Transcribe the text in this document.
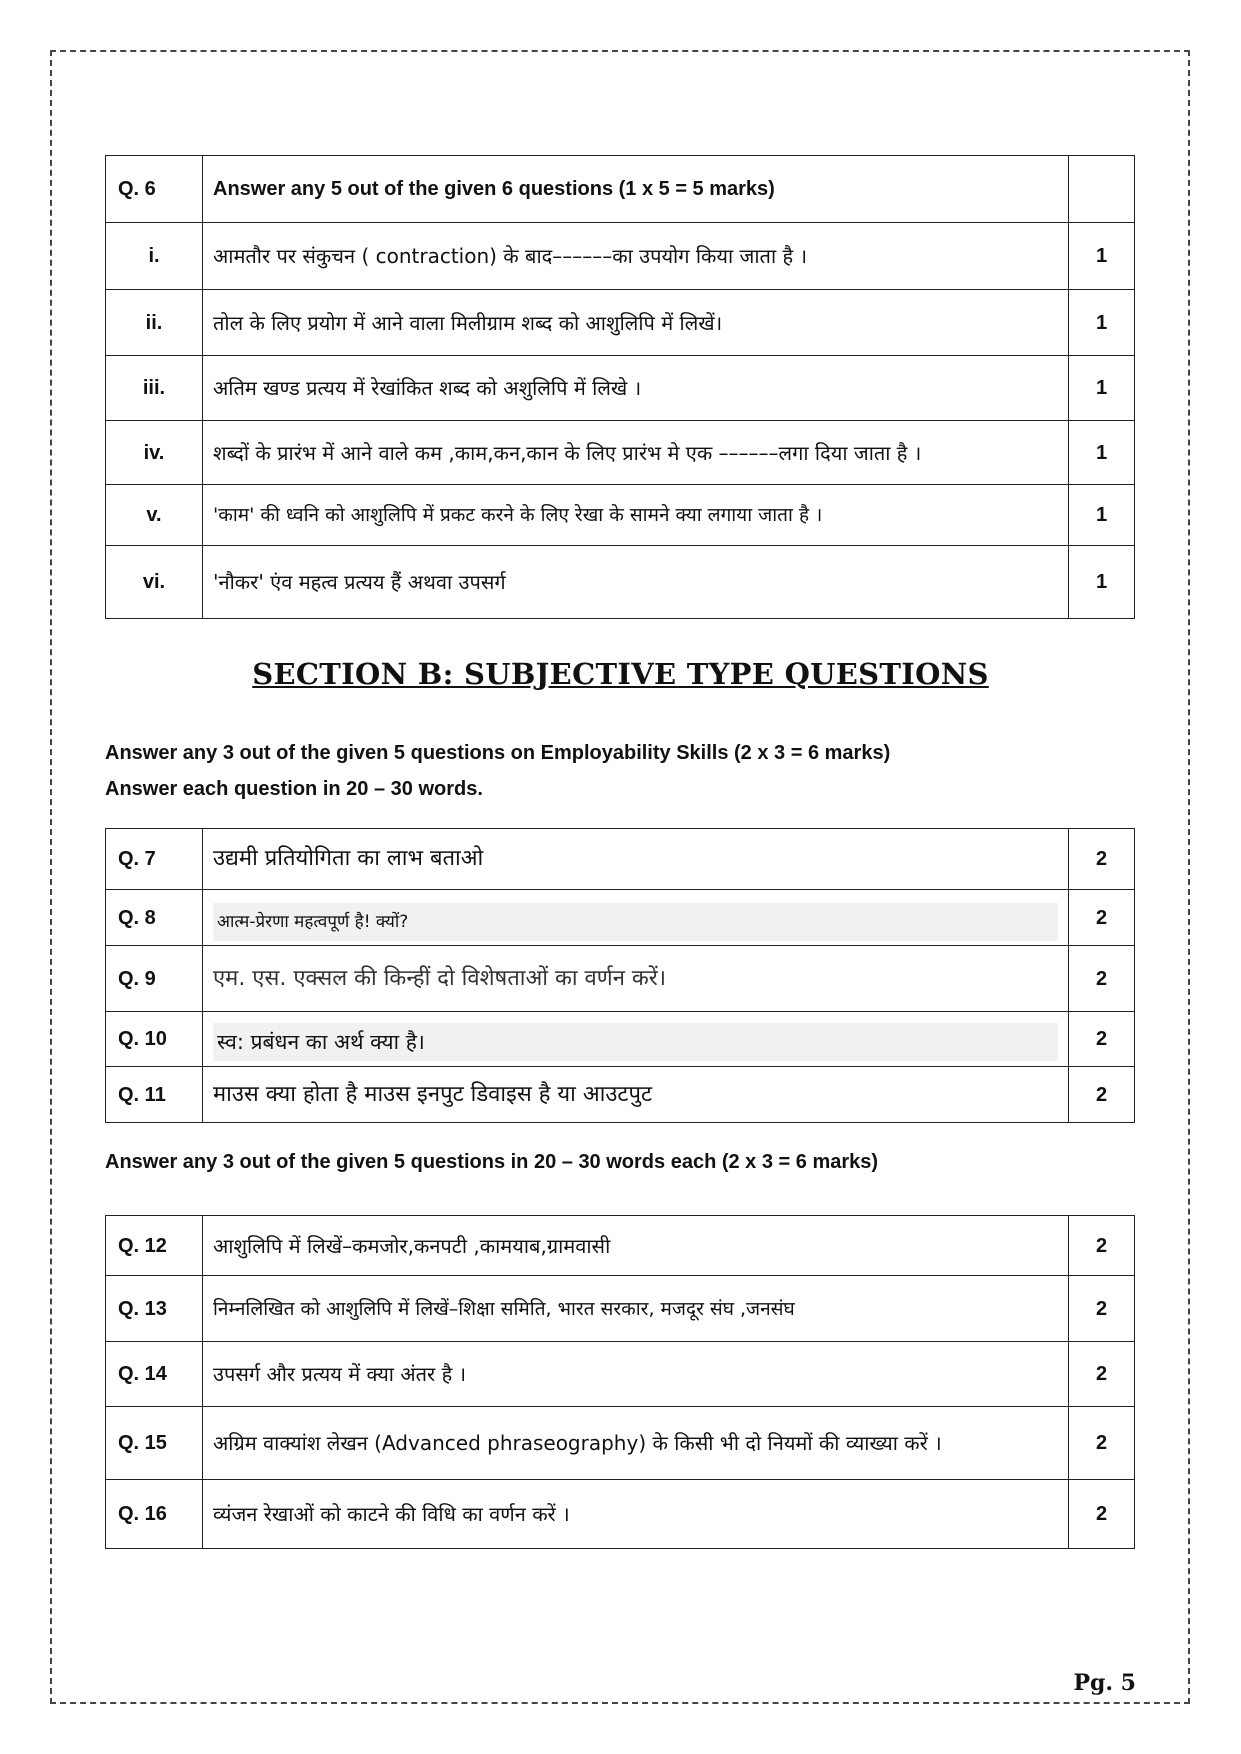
Q. 6	Answer any 5 out of the given 6 questions (1 x 5 = 5 marks)	
i.	आमतौर पर संकुचन ( contraction) के बाद––––––का उपयोग किया जाता है ।	1
ii.	तोल के लिए प्रयोग में आने वाला मिलीग्राम शब्द को आशुलिपि में लिखें।	1
iii.	अतिम खण्ड प्रत्यय में रेखांकित शब्द को अशुलिपि में लिखे ।	1
iv.	शब्दों के प्रारंभ में आने वाले कम ,काम,कन,कान के लिए प्रारंभ मे एक ––––––लगा दिया जाता है ।	1
v.	'काम' की ध्वनि को आशुलिपि में प्रकट करने के लिए रेखा के सामने क्या लगाया जाता है ।	1
vi.	'नौकर' एंव महत्व प्रत्यय हैं अथवा उपसर्ग	1
SECTION B: SUBJECTIVE TYPE QUESTIONS
Answer any 3 out of the given 5 questions on Employability Skills (2 x 3 = 6 marks)
Answer each question in 20 – 30 words.
Q. 7	उद्यमी प्रतियोगिता का लाभ बताओ	2
Q. 8	आत्म-प्रेरणा महत्वपूर्ण है! क्यों?	2
Q. 9	एम. एस. एक्सल की किन्हीं दो विशेषताओं का वर्णन करें।	2
Q. 10	स्व: प्रबंधन का अर्थ क्या है।	2
Q. 11	माउस क्या होता है माउस इनपुट डिवाइस है या आउटपुट	2
Answer any 3 out of the given 5 questions in 20 – 30 words each (2 x 3 = 6 marks)
Q. 12	आशुलिपि में लिखें–कमजोर,कनपटी ,कामयाब,ग्रामवासी	2
Q. 13	निम्नलिखित को आशुलिपि में लिखें–शिक्षा समिति, भारत सरकार, मजदूर संघ ,जनसंघ	2
Q. 14	उपसर्ग और प्रत्यय में क्या अंतर है ।	2
Q. 15	अग्रिम वाक्यांश लेखन (Advanced phraseography) के किसी भी दो नियमों की व्याख्या करें ।	2
Q. 16	व्यंजन रेखाओं को काटने की विधि का वर्णन करें ।	2
Pg. 5
